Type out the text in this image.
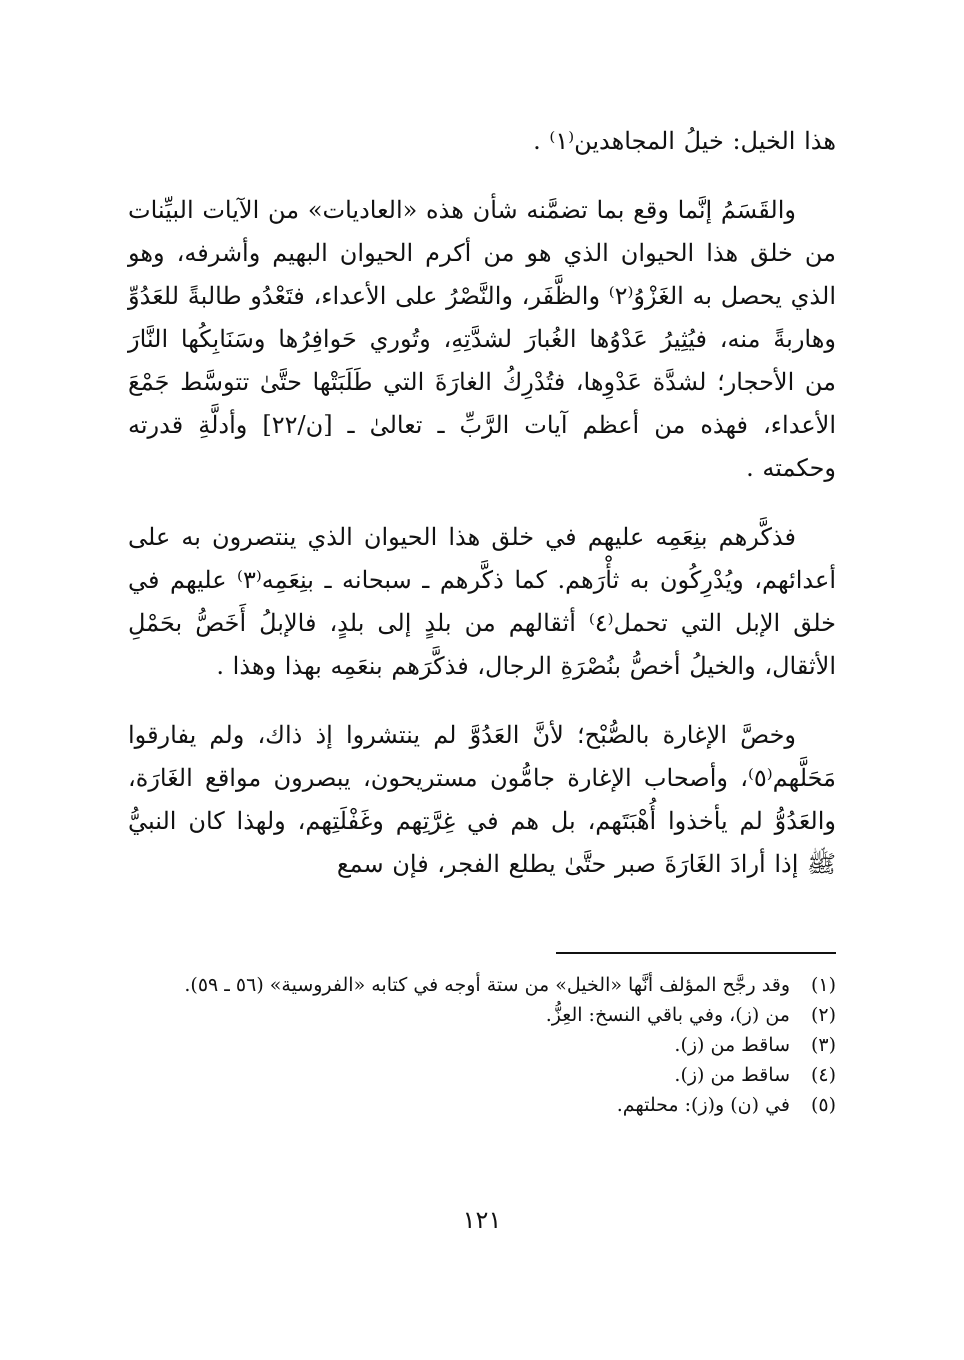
هذا الخيل: خيلُ المجاهدين⁽١⁾ .

والقَسَمُ إنَّما وقع بما تضمَّنه شأن هذه «العاديات» من الآيات البيِّنات من خلق هذا الحيوان الذي هو من أكرم الحيوان البهيم وأشرفه، وهو الذي يحصل به الغَزْوُ⁽٢⁾ والظَّفَر، والنَّصْرُ على الأعداء، فتَعْدُو طالبةً للعَدُوِّ وهاربةً منه، فيُثِيرُ عَدْوُها الغُبارَ لشدَّتِهِ، وتُوري حَوافِرُها وسَنَابِكُها النَّارَ من الأحجار؛ لشدَّة عَدْوِها، فتُدْرِكُ الغارَةَ التي طَلَبَتْها حتَّىٰ تتوسَّط جَمْعَ الأعداء، فهذه من أعظم آيات الرَّبِّ ـ تعالىٰ ـ [ن/٢٢] وأدلَّةِ قدرته وحكمته .

فذكَّرهم بنِعَمِه عليهم في خلق هذا الحيوان الذي ينتصرون به على أعدائهم، ويُدْرِكُون به ثأْرَهم. كما ذكَّرهم ـ سبحانه ـ بنِعَمِه⁽٣⁾ عليهم في خلق الإبل التي تحمل⁽٤⁾ أثقالهم من بلدٍ إلى بلدٍ، فالإبلُ أَخَصُّ بحَمْلِ الأثقال، والخيلُ أخصُّ بنُصْرَةِ الرجال، فذكَّرَهم بنعَمِه بهذا وهذا .

وخصَّ الإغارة بالصُّبْح؛ لأنَّ العَدُوَّ لم ينتشروا إذ ذاك، ولم يفارقوا مَحَلَّهم⁽٥⁾، وأصحاب الإغارة جامُّون مستريحون، يبصرون مواقع الغَارَة، والعَدُوُّ لم يأخذوا أُهْبَتَهم، بل هم في غِرَّتِهم وغَفْلَتِهم، ولهذا كان النبيُّ ﷺ إذا أرادَ الغَارَةَ صبر حتَّىٰ يطلع الفجر، فإن سمع

(١)
وقد رجَّح المؤلف أنَّها «الخيل» من ستة أوجه في كتابه «الفروسية» (٥٦ ـ ٥٩).
(٢)
من (ز)، وفي باقي النسخ: العِزُّ.
(٣)
ساقط من (ز).
(٤)
ساقط من (ز).
(٥)
في (ن) و(ز): محلتهم.
١٢١
